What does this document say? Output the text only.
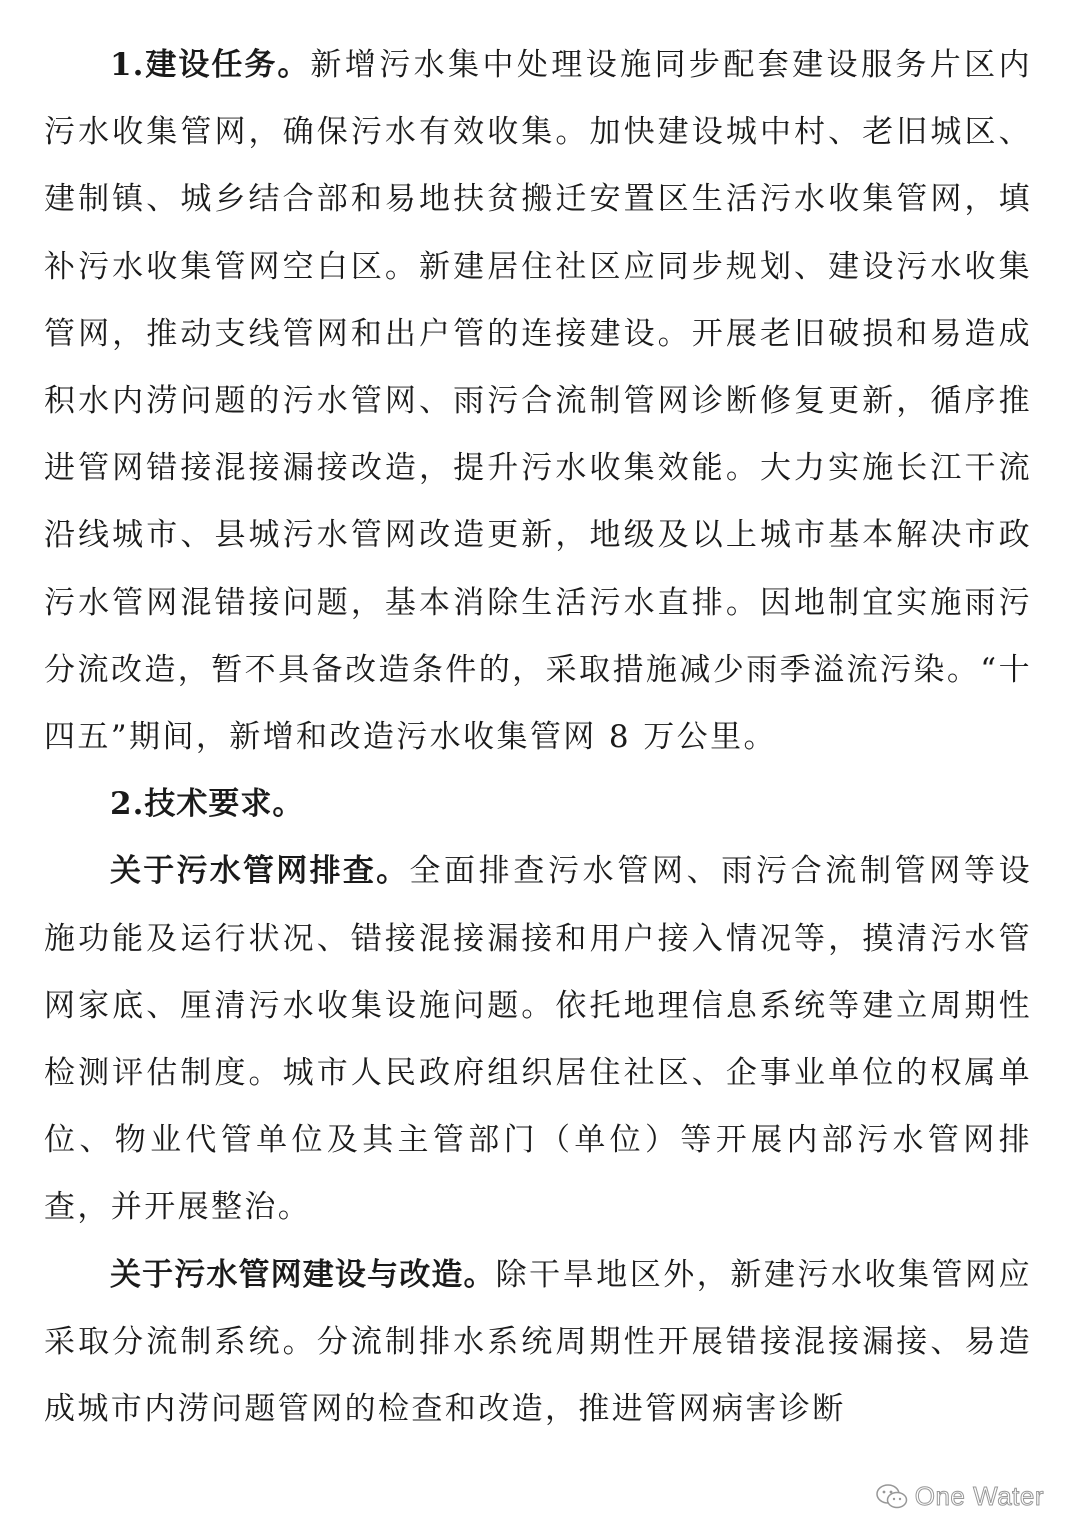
1.建设任务。新增污水集中处理设施同步配套建设服务片区内污水收集管网，确保污水有效收集。加快建设城中村、老旧城区、建制镇、城乡结合部和易地扶贫搬迁安置区生活污水收集管网，填补污水收集管网空白区。新建居住社区应同步规划、建设污水收集管网，推动支线管网和出户管的连接建设。开展老旧破损和易造成积水内涝问题的污水管网、雨污合流制管网诊断修复更新，循序推进管网错接混接漏接改造，提升污水收集效能。大力实施长江干流沿线城市、县城污水管网改造更新，地级及以上城市基本解决市政污水管网混错接问题，基本消除生活污水直排。因地制宜实施雨污分流改造，暂不具备改造条件的，采取措施减少雨季溢流污染。“十四五”期间，新增和改造污水收集管网 8 万公里。

2.技术要求。

关于污水管网排查。全面排查污水管网、雨污合流制管网等设施功能及运行状况、错接混接漏接和用户接入情况等，摸清污水管网家底、厘清污水收集设施问题。依托地理信息系统等建立周期性检测评估制度。城市人民政府组织居住社区、企事业单位的权属单位、物业代管单位及其主管部门（单位）等开展内部污水管网排查，并开展整治。

关于污水管网建设与改造。除干旱地区外，新建污水收集管网应采取分流制系统。分流制排水系统周期性开展错接混接漏接、易造成城市内涝问题管网的检查和改造，推进管网病害诊断

One Water
